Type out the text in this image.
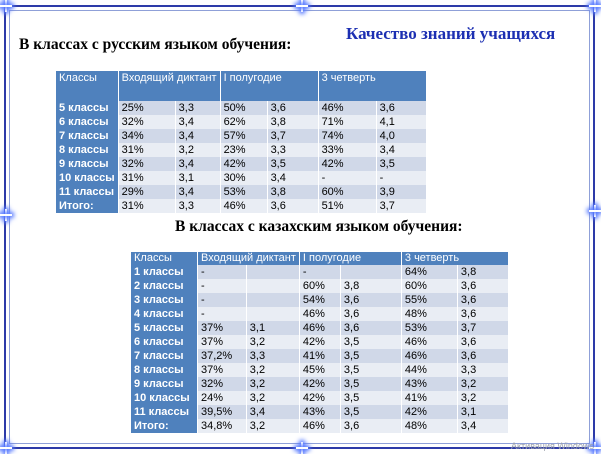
Качество знаний учащихся
В классах с русским языком обучения:
В классах с казахским языком обучения:
Классы	Входящий диктант		I полугодие		3 четверть	
5 классы	25%	3,3	50%	3,6	46%	3,6
6 классы	32%	3,4	62%	3,8	71%	4,1
7 классы	34%	3,4	57%	3,7	74%	4,0
8 классы	31%	3,2	23%	3,3	33%	3,4
9 классы	32%	3,4	42%	3,5	42%	3,5
10 классы	31%	3,1	30%	3,4	-	-
11 классы	29%	3,4	53%	3,8	60%	3,9
Итого:	31%	3,3	46%	3,6	51%	3,7
Классы	Входящий диктант		I полугодие		3 четверть	
1 классы	-		-		64%	3,8
2 классы	-		60%	3,8	60%	3,6
3 классы	-		54%	3,6	55%	3,6
4 классы	-		46%	3,6	48%	3,6
5 классы	37%	3,1	46%	3,6	53%	3,7
6 классы	37%	3,2	42%	3,5	46%	3,6
7 классы	37,2%	3,3	41%	3,5	46%	3,6
8 классы	37%	3,2	45%	3,5	44%	3,3
9 классы	32%	3,2	42%	3,5	43%	3,2
10 классы	24%	3,2	42%	3,5	41%	3,2
11 классы	39,5%	3,4	43%	3,5	42%	3,1
Итого:	34,8%	3,2	46%	3,6	48%	3,4
Активация Windows
